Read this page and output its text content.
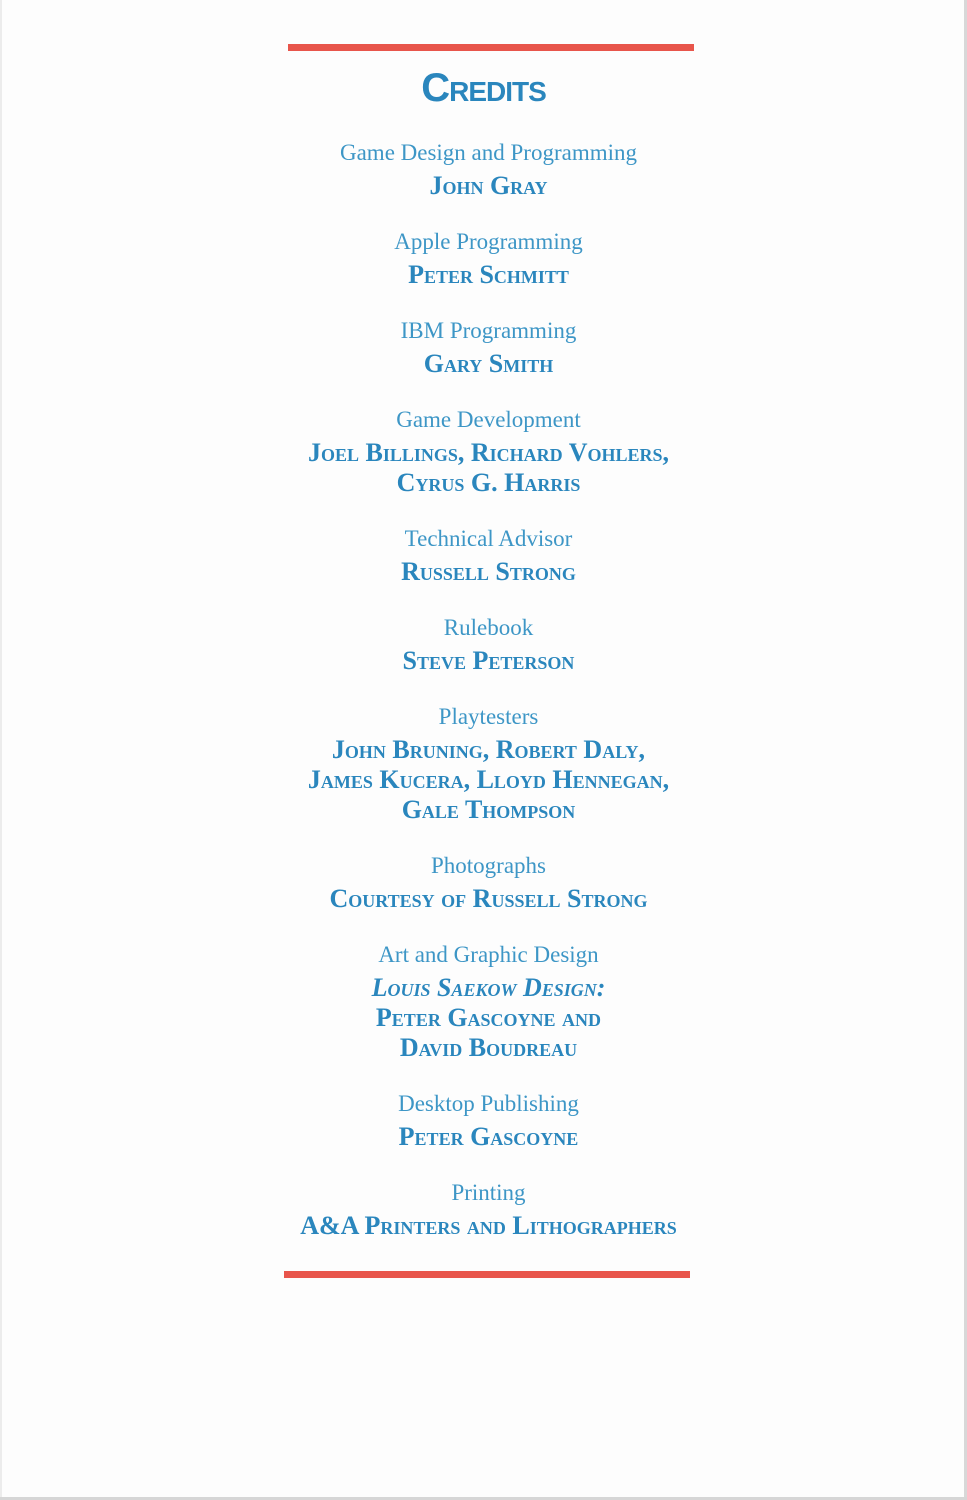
Credits
Game Design and Programming
John Gray
Apple Programming
Peter Schmitt
IBM Programming
Gary Smith
Game Development
Joel Billings, Richard Vohlers,
Cyrus G. Harris
Technical Advisor
Russell Strong
Rulebook
Steve Peterson
Playtesters
John Bruning, Robert Daly,
James Kucera, Lloyd Hennegan,
Gale Thompson
Photographs
Courtesy of Russell Strong
Art and Graphic Design
Louis Saekow Design:
Peter Gascoyne and
David Boudreau
Desktop Publishing
Peter Gascoyne
Printing
A&A Printers and Lithographers
